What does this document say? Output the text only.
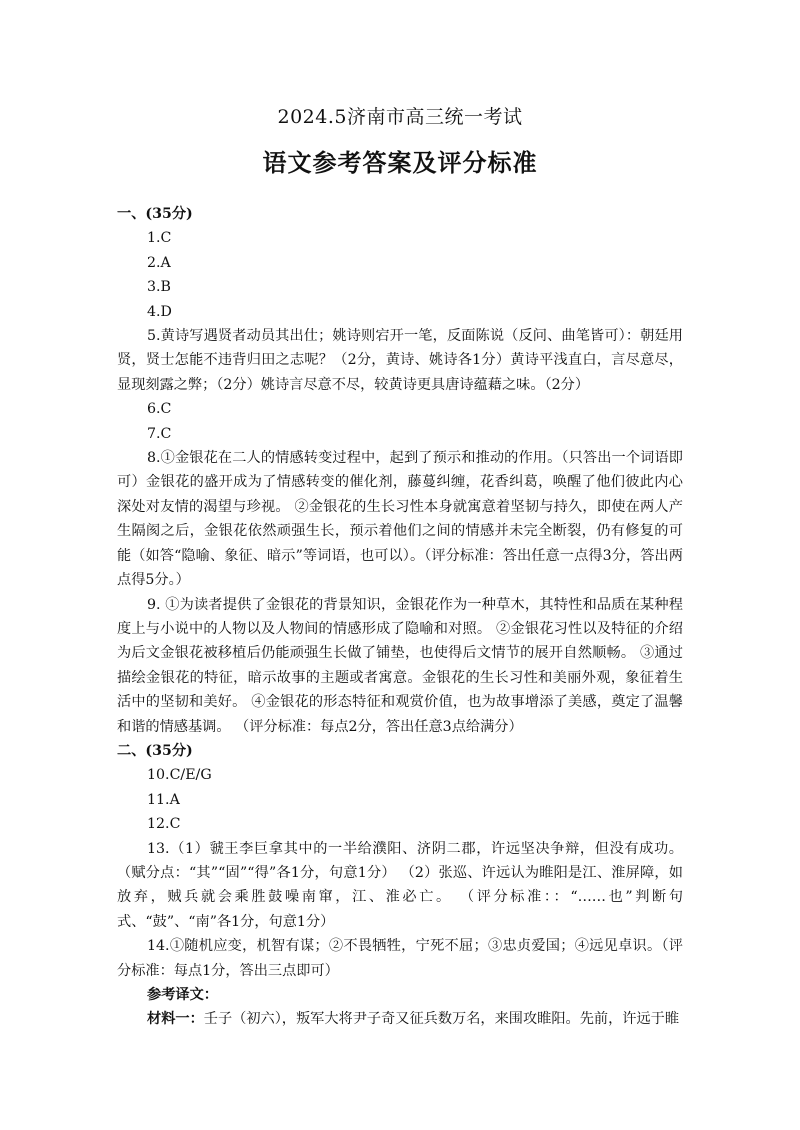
2024.5济南市高三统一考试
语文参考答案及评分标准

一、(35分)

1.C

2.A

3.B

4.D

5.黄诗写遇贤者动员其出仕；姚诗则宕开一笔，反面陈说（反问、曲笔皆可）：朝廷用贤，贤士怎能不违背归田之志呢？（2分，黄诗、姚诗各1分）黄诗平浅直白，言尽意尽，显现刻露之弊；（2分）姚诗言尽意不尽，较黄诗更具唐诗蕴藉之味。（2分）

6.C

7.C

8.①金银花在二人的情感转变过程中，起到了预示和推动的作用。（只答出一个词语即可）金银花的盛开成为了情感转变的催化剂，藤蔓纠缠，花香纠葛，唤醒了他们彼此内心深处对友情的渴望与珍视。 ②金银花的生长习性本身就寓意着坚韧与持久，即使在两人产生隔阂之后，金银花依然顽强生长，预示着他们之间的情感并未完全断裂，仍有修复的可能（如答“隐喻、象征、暗示”等词语，也可以）。（评分标准：答出任意一点得3分，答出两点得5分。）

9. ①为读者提供了金银花的背景知识，金银花作为一种草木，其特性和品质在某种程度上与小说中的人物以及人物间的情感形成了隐喻和对照。 ②金银花习性以及特征的介绍为后文金银花被移植后仍能顽强生长做了铺垫，也使得后文情节的展开自然顺畅。 ③通过描绘金银花的特征，暗示故事的主题或者寓意。金银花的生长习性和美丽外观，象征着生活中的坚韧和美好。 ④金银花的形态特征和观赏价值，也为故事增添了美感，奠定了温馨和谐的情感基调。 （评分标准：每点2分，答出任意3点给满分）

二、(35分)

10.C/E/G

11.A

12.C

13.（1）虢王李巨拿其中的一半给濮阳、济阴二郡，许远坚决争辩，但没有成功。 （赋分点：“其”“固”“得”各1分，句意1分） （2）张巡、许远认为睢阳是江、淮屏障，如放弃，贼兵就会乘胜鼓噪南窜，江、淮必亡。 （评分标准：：“……也”判断句式、“鼓”、“南”各1分，句意1分）

14.①随机应变，机智有谋；②不畏牺牲，宁死不屈；③忠贞爱国；④远见卓识。（评分标准：每点1分，答出三点即可）

参考译文：

材料一：壬子（初六），叛军大将尹子奇又征兵数万名，来围攻睢阳。先前，许远于睢
